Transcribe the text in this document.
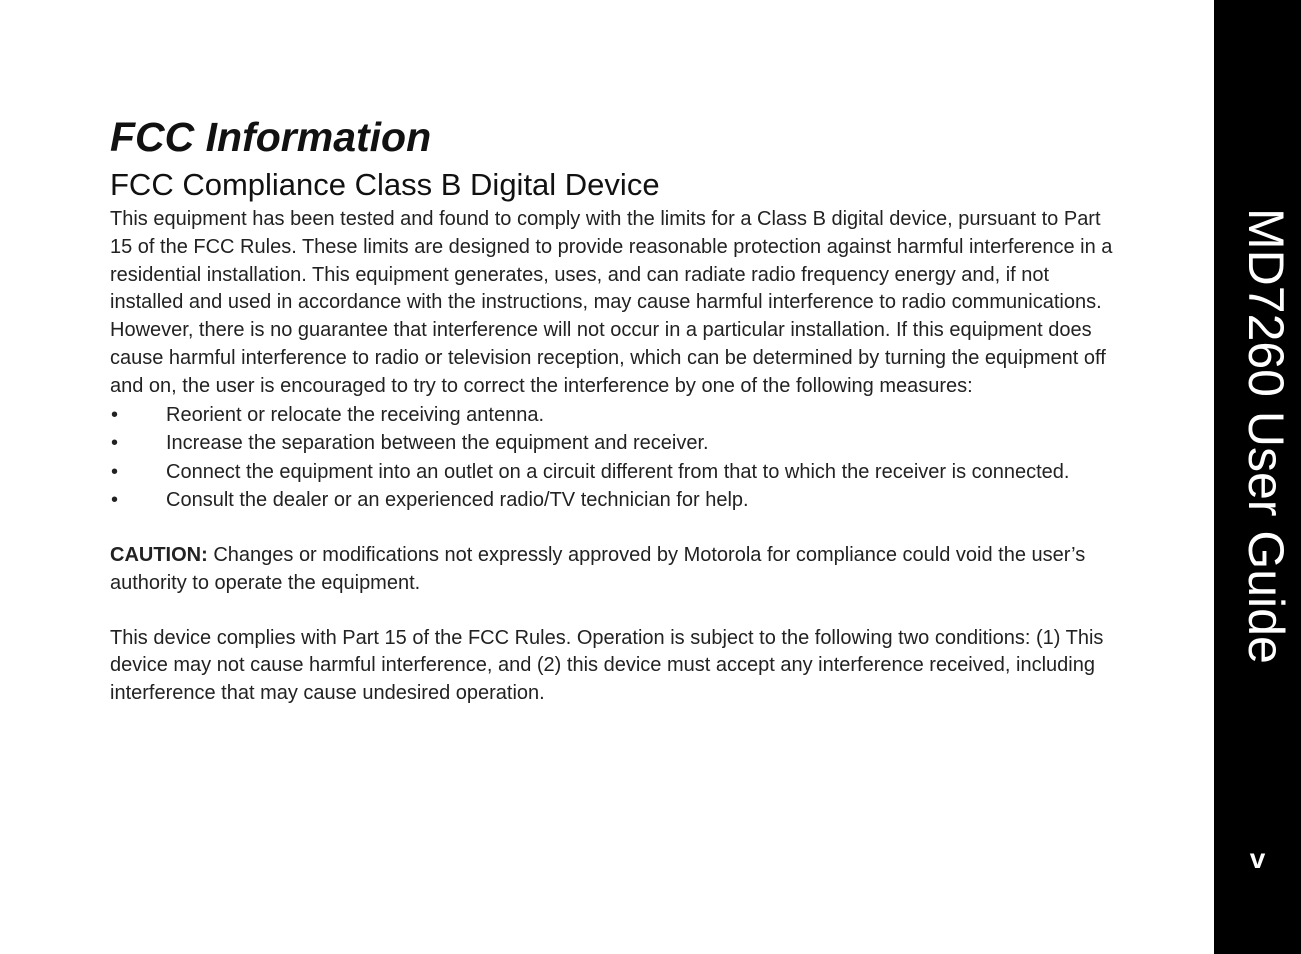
FCC Information
FCC Compliance Class B Digital Device

This equipment has been tested and found to comply with the limits for a Class B digital device, pursuant to Part 15 of the FCC Rules. These limits are designed to provide reasonable protection against harmful interference in a residential installation. This equipment generates, uses, and can radiate radio frequency energy and, if not installed and used in accordance with the instructions, may cause harmful interference to radio communications. However, there is no guarantee that interference will not occur in a particular installation. If this equipment does cause harmful interference to radio or television reception, which can be determined by turning the equipment off and on, the user is encouraged to try to correct the interference by one of the following measures:

• Reorient or relocate the receiving antenna.
• Increase the separation between the equipment and receiver.
• Connect the equipment into an outlet on a circuit different from that to which the receiver is connected.
• Consult the dealer or an experienced radio/TV technician for help.

CAUTION: Changes or modifications not expressly approved by Motorola for compliance could void the user’s authority to operate the equipment.

This device complies with Part 15 of the FCC Rules. Operation is subject to the following two conditions: (1) This device may not cause harmful interference, and (2) this device must accept any interference received, including interference that may cause undesired operation.

MD7260 User Guide
v
